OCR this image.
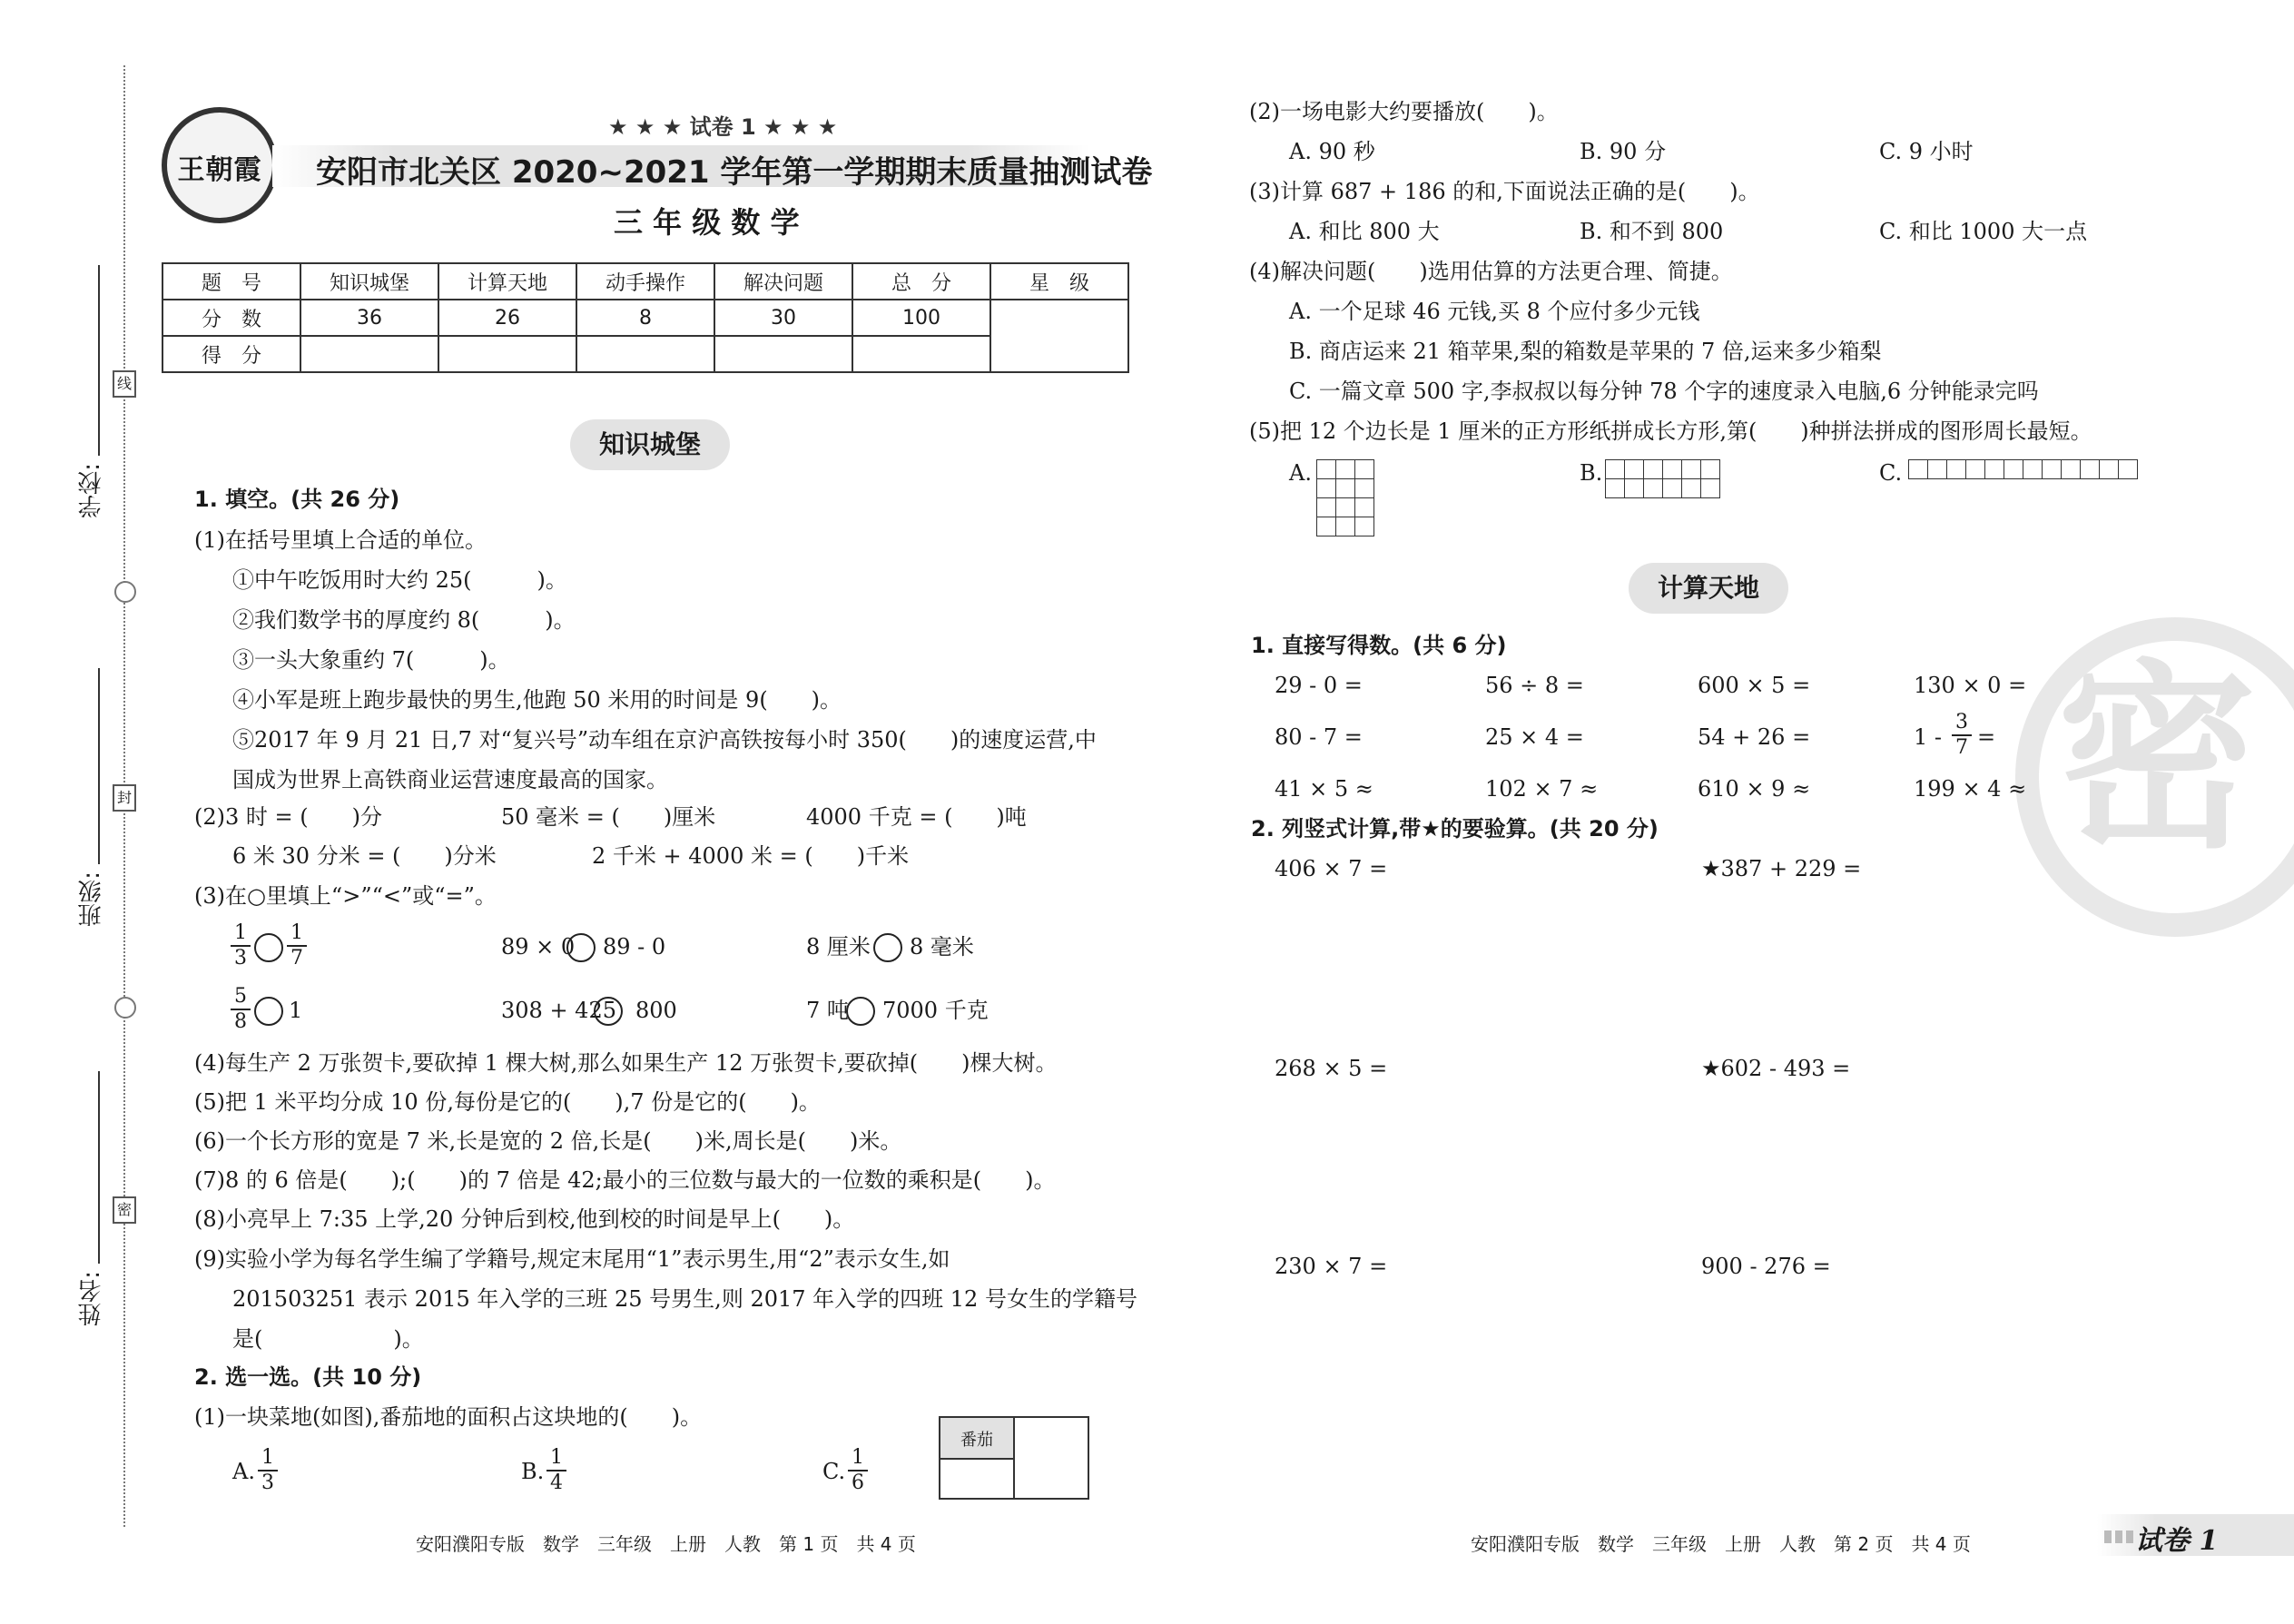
学校:
班级:
姓名:
线
封
密
王朝霞
★ ★ ★ 试卷 1 ★ ★ ★
安阳市北关区 2020~2021 学年第一学期期末质量抽测试卷
三 年 级 数 学
题　号	知识城堡	计算天地	动手操作	解决问题	总　分	星　级
分　数	36	26	8	30	100	
得　分						
知识城堡
1. 填空。(共 26 分)
(1)在括号里填上合适的单位。
①中午吃饭用时大约 25(　　　)。
②我们数学书的厚度约 8(　　　)。
③一头大象重约 7(　　　)。
④小军是班上跑步最快的男生,他跑 50 米用的时间是 9(　　)。
⑤2017 年 9 月 21 日,7 对“复兴号”动车组在京沪高铁按每小时 350(　　)的速度运营,中
国成为世界上高铁商业运营速度最高的国家。
(2)3 时 = (　　)分	50 毫米 = (　　)厘米	4000 千克 = (　　)吨
6 米 30 分米 = (　　)分米	2 千米 + 4000 米 = (　　)千米
(3)在○里填上“>”“<”或“=”。
1
3
1
7	89 × 0 89 - 0	8 厘米 8 毫米
5
8 1	308 + 425 800	7 吨 7000 千克
(4)每生产 2 万张贺卡,要砍掉 1 棵大树,那么如果生产 12 万张贺卡,要砍掉(　　)棵大树。
(5)把 1 米平均分成 10 份,每份是它的(　　),7 份是它的(　　)。
(6)一个长方形的宽是 7 米,长是宽的 2 倍,长是(　　)米,周长是(　　)米。
(7)8 的 6 倍是(　　);(　　)的 7 倍是 42;最小的三位数与最大的一位数的乘积是(　　)。
(8)小亮早上 7:35 上学,20 分钟后到校,他到校的时间是早上(　　)。
(9)实验小学为每名学生编了学籍号,规定末尾用“1”表示男生,用“2”表示女生,如
201503251 表示 2015 年入学的三班 25 号男生,则 2017 年入学的四班 12 号女生的学籍号
是(　　　　　　)。
2. 选一选。(共 10 分)
(1)一块菜地(如图),番茄地的面积占这块地的(　　)。
A.
1
3	B.
1
4	C.
1
6
番茄
安阳濮阳专版　数学　三年级　上册　人教　第 1 页　共 4 页
密
(2)一场电影大约要播放(　　)。
A. 90 秒	B. 90 分	C. 9 小时
(3)计算 687 + 186 的和,下面说法正确的是(　　)。
A. 和比 800 大	B. 和不到 800	C. 和比 1000 大一点
(4)解决问题(　　)选用估算的方法更合理、简捷。
A. 一个足球 46 元钱,买 8 个应付多少元钱
B. 商店运来 21 箱苹果,梨的箱数是苹果的 7 倍,运来多少箱梨
C. 一篇文章 500 字,李叔叔以每分钟 78 个字的速度录入电脑,6 分钟能录完吗
(5)把 12 个边长是 1 厘米的正方形纸拼成长方形,第(　　)种拼法拼成的图形周长最短。
A.

			B.

						C.

计算天地
1. 直接写得数。(共 6 分)
29 - 0 =	56 ÷ 8 =	600 × 5 =	130 × 0 =
80 - 7 =	25 × 4 =	54 + 26 =	1 -
3
7 =
41 × 5 ≈	102 × 7 ≈	610 × 9 ≈	199 × 4 ≈
2. 列竖式计算,带★的要验算。(共 20 分)
406 × 7 =	★387 + 229 =
268 × 5 =	★602 - 493 =
230 × 7 =	900 - 276 =
安阳濮阳专版　数学　三年级　上册　人教　第 2 页　共 4 页	试卷 1
